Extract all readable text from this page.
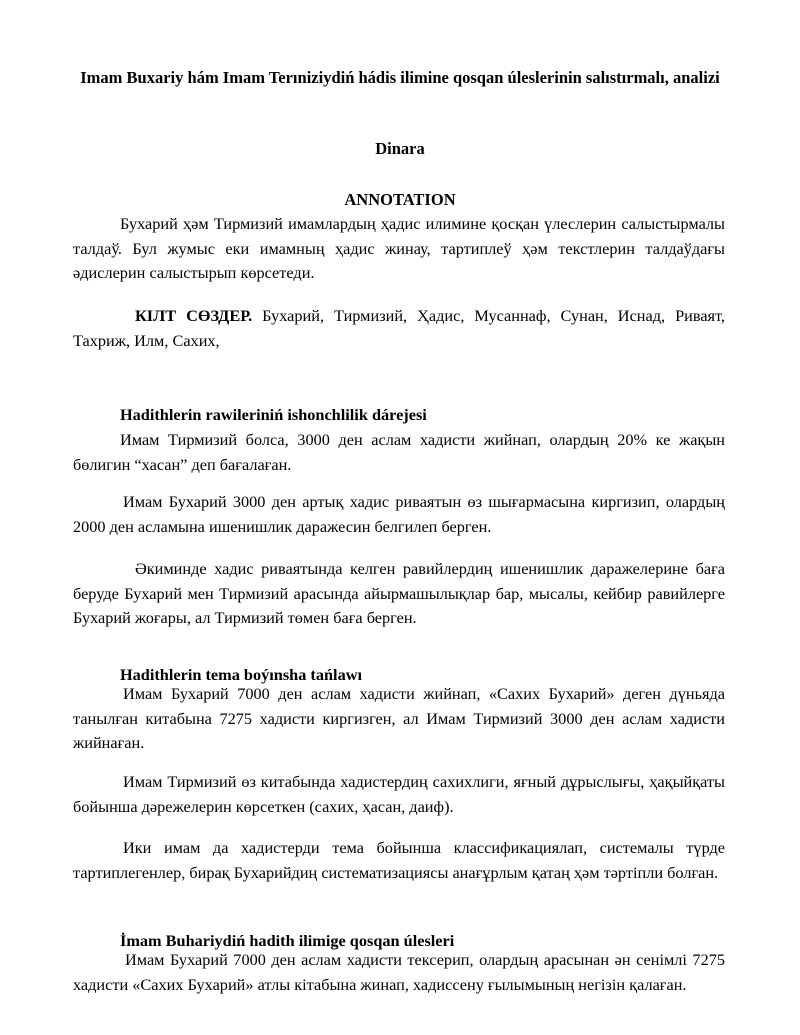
Imam Buxariy hám Imam Terıniziydiń hádis ilimine qosqan úleslerinin salıstırmalı, analizi
Dinara
ANNOTATION
Бухарий ҳәм Тирмизий имамлардың ҳадис илимине қосқан үлеслерин салыстырмалы талдаў. Бул жумыс еки имамның ҳадис жинау, тартиплеў ҳәм текстлерин талдаўдағы әдислерин салыстырып көрсетеди.
КІЛТ СӨЗДЕР. Бухарий, Тирмизий, Ҳадис, Мусаннаф, Сунан, Иснад, Риваят, Тахриж, Илм, Сахих,
Hadithlerin rawileriniń ishonchlilik dárejesi
Имам Тирмизий болса, 3000 ден аслам хадисти жийнап, олардың 20% ке жақын бөлигин “хасан” деп бағалаған.
Имам Бухарий 3000 ден артық хадис риваятын өз шығармасына киргизип, олардың 2000 ден асламына ишенишлик даражесин белгилеп берген.
Әкиминде хадис риваятында келген равийлердиң ишенишлик даражелерине баға беруде Бухарий мен Тирмизий арасында айырмашылықлар бар, мысалы, кейбир равийлерге Бухарий жоғары, ал Тирмизий төмен баға берген.
Hadithlerin tema boýınsha tańlawı
Имам Бухарий 7000 ден аслам хадисти жийнап, «Сахих Бухарий» деген дүньяда танылған китабына 7275 хадисти киргизген, ал Имам Тирмизий 3000 ден аслам хадисти жийнаған.
Имам Тирмизий өз китабында хадистердиң сахихлиги, яғный дұрыслығы, ҳақыйқаты бойынша дәрежелерин көрсеткен (сахих, ҳасан, даиф).
Ики имам да хадистерди тема бойынша классификациялап, системалы түрде тартиплегенлер, бирақ Бухарийдиң систематизациясы анағұрлым қатаң ҳәм тәртіпли болған.
İmam Buhariydiń hadith ilimige qosqan úlesleri
Имам Бухарий 7000 ден аслам хадисти тексерип, олардың арасынан ән сенімлі 7275 хадисти «Сахих Бухарий» атлы кітабына жинап, хадиссену ғылымының негізін қалаған.
